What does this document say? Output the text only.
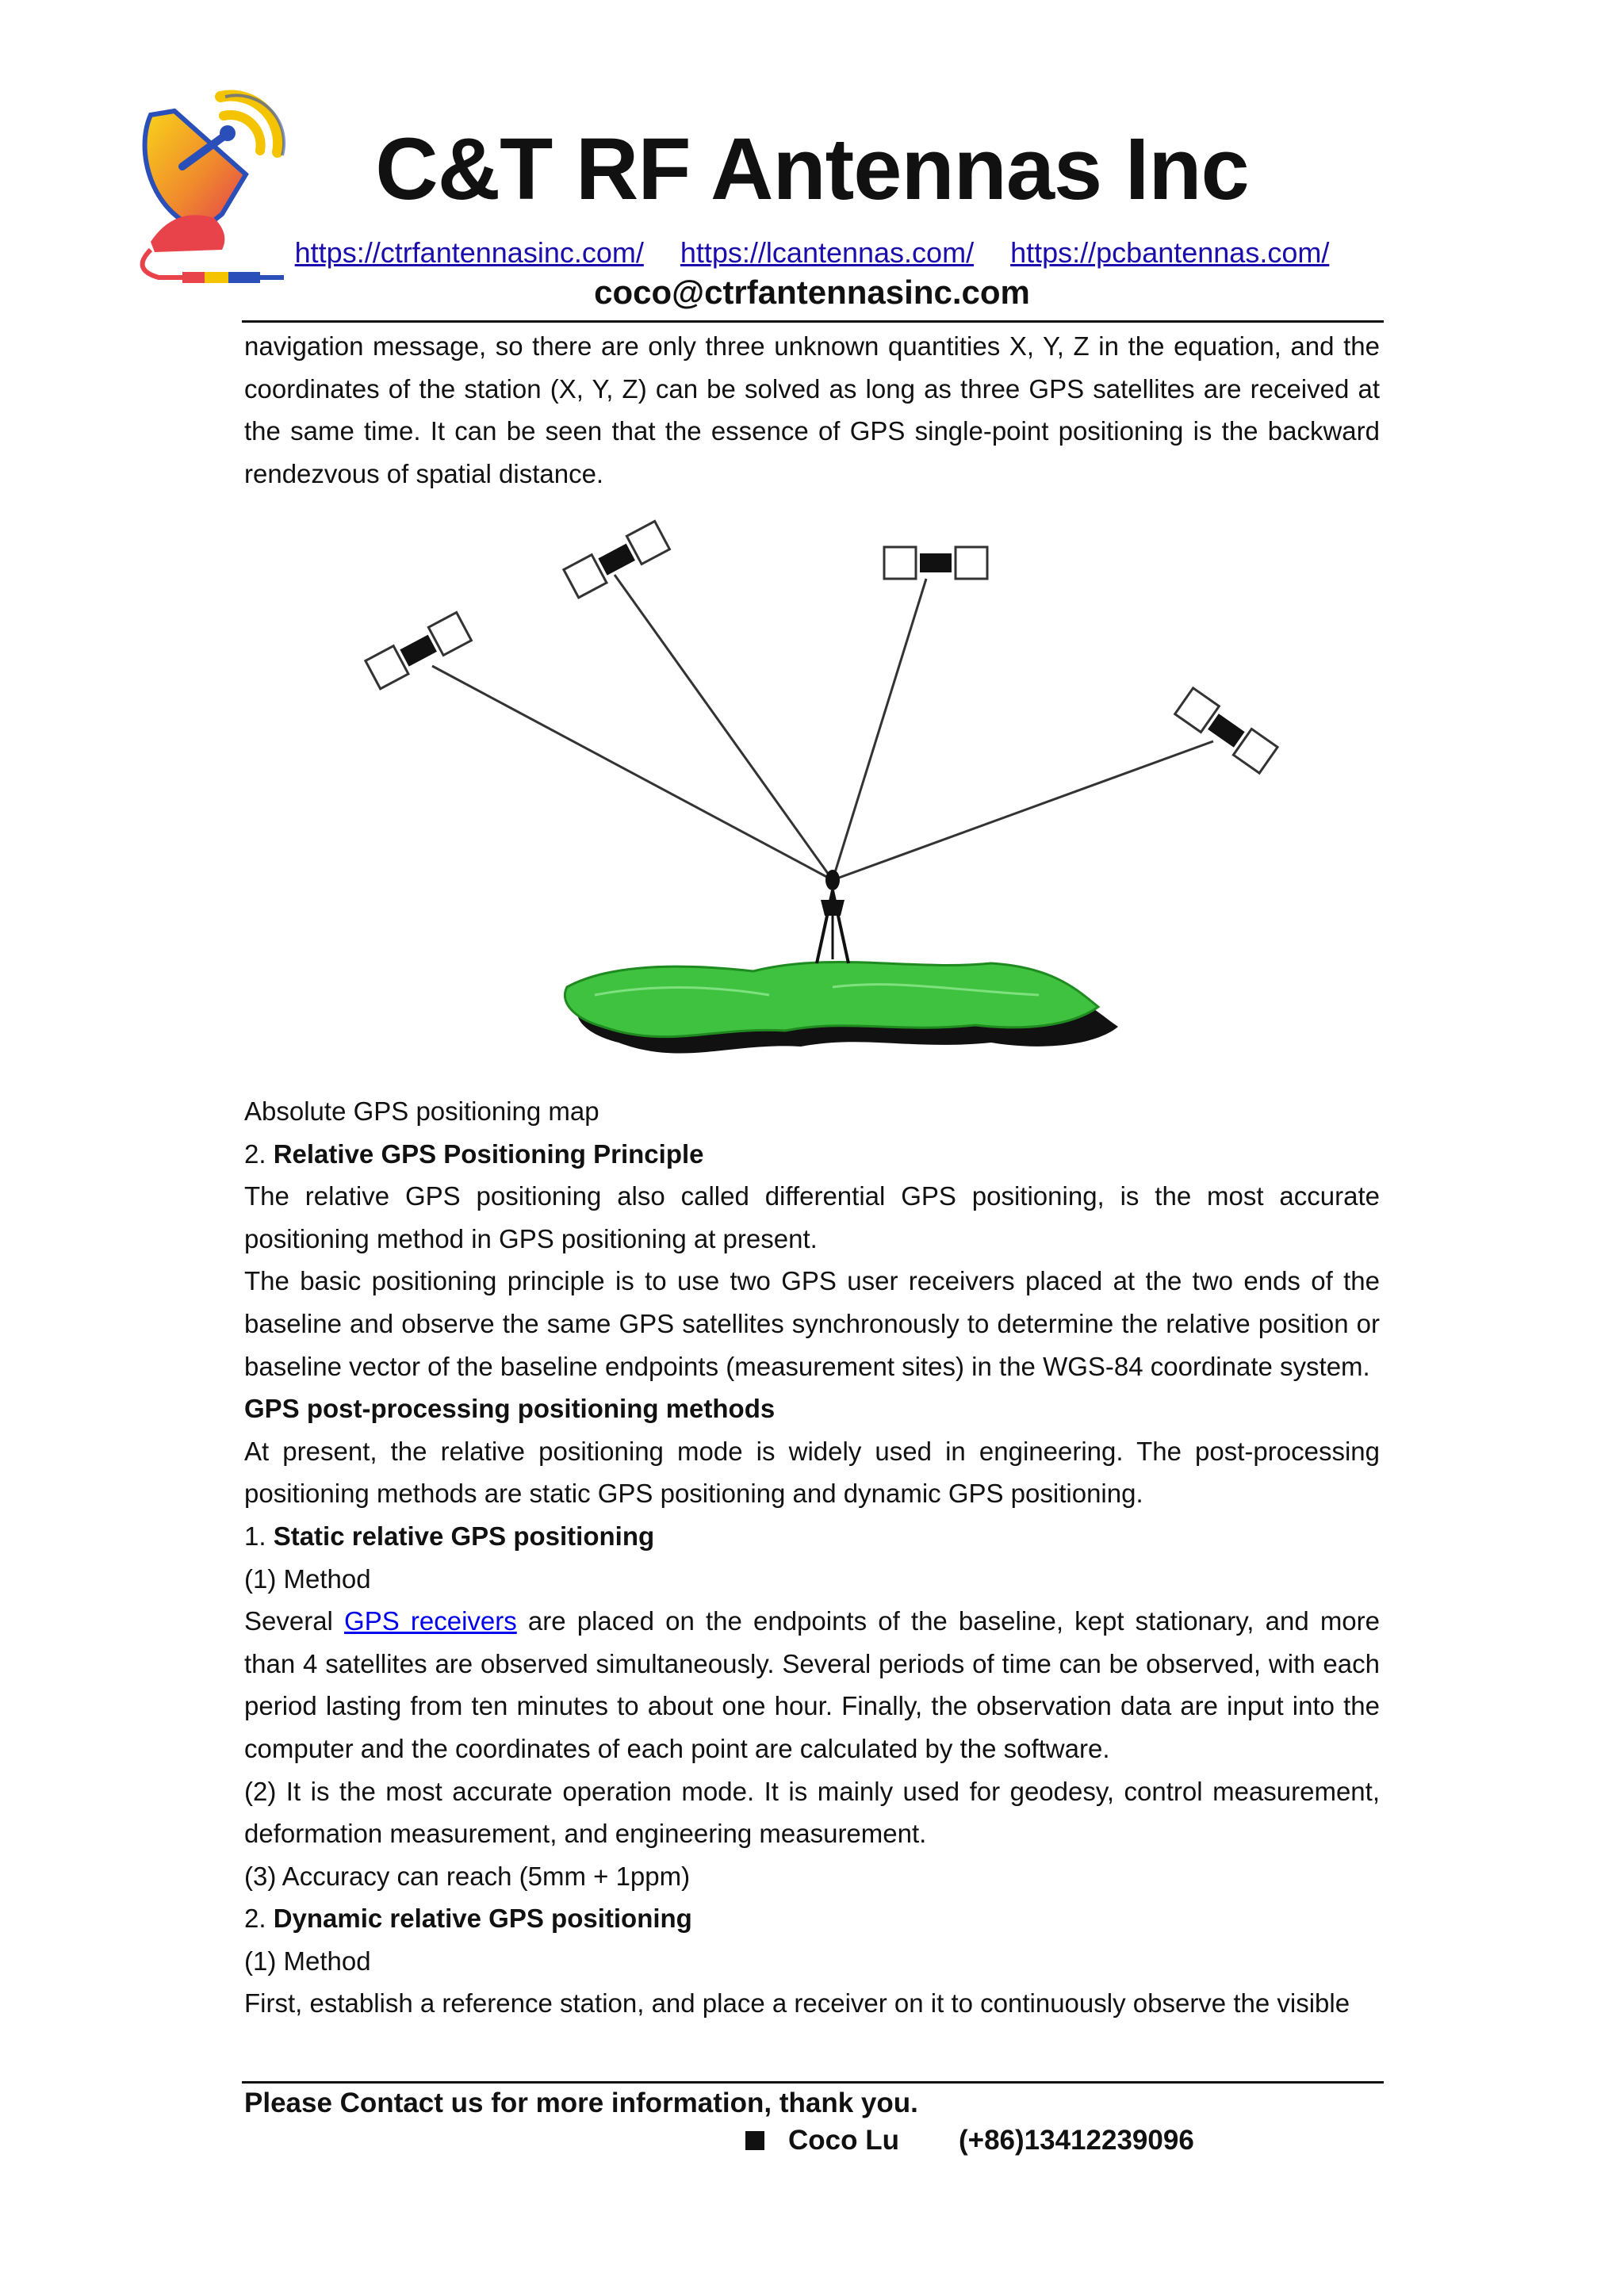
C&T RF Antennas Inc
https://ctrfantennasinc.com/ https://lcantennas.com/ https://pcbantennas.com/
coco@ctrfantennasinc.com

navigation message, so there are only three unknown quantities X, Y, Z in the equation, and the coordinates of the station (X, Y, Z) can be solved as long as three GPS satellites are received at the same time. It can be seen that the essence of GPS single-point positioning is the backward rendezvous of spatial distance.

Absolute GPS positioning map

2. Relative GPS Positioning Principle

The relative GPS positioning also called differential GPS positioning, is the most accurate positioning method in GPS positioning at present.

The basic positioning principle is to use two GPS user receivers placed at the two ends of the baseline and observe the same GPS satellites synchronously to determine the relative position or baseline vector of the baseline endpoints (measurement sites) in the WGS-84 coordinate system.

GPS post-processing positioning methods

At present, the relative positioning mode is widely used in engineering. The post-processing positioning methods are static GPS positioning and dynamic GPS positioning.

1. Static relative GPS positioning

(1) Method

Several GPS receivers are placed on the endpoints of the baseline, kept stationary, and more than 4 satellites are observed simultaneously. Several periods of time can be observed, with each period lasting from ten minutes to about one hour. Finally, the observation data are input into the computer and the coordinates of each point are calculated by the software.

(2) It is the most accurate operation mode. It is mainly used for geodesy, control measurement, deformation measurement, and engineering measurement.

(3) Accuracy can reach (5mm + 1ppm)

2. Dynamic relative GPS positioning

(1) Method

First, establish a reference station, and place a receiver on it to continuously observe the visible

Please Contact us for more information, thank you.
Coco Lu (+86)13412239096
